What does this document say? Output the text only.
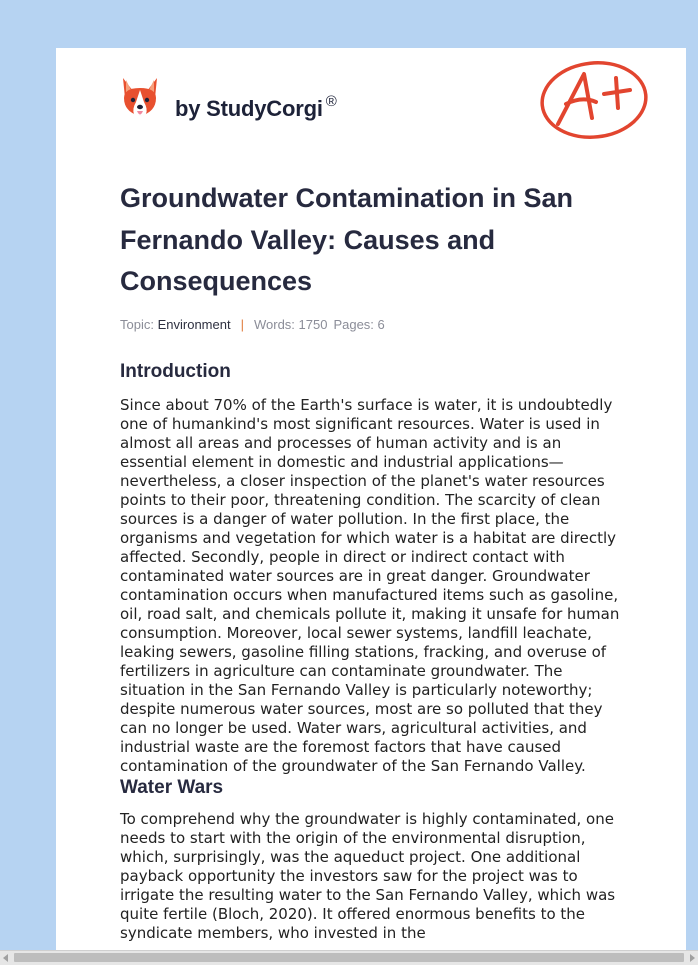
by StudyCorgi ®
Groundwater Contamination in San Fernando Valley: Causes and Consequences
Topic: Environment | Words: 1750 Pages: 6
Introduction

Since about 70% of the Earth's surface is water, it is undoubtedly one of humankind's most significant resources. Water is used in almost all areas and processes of human activity and is an essential element in domestic and industrial applications—nevertheless, a closer inspection of the planet's water resources points to their poor, threatening condition. The scarcity of clean sources is a danger of water pollution. In the first place, the organisms and vegetation for which water is a habitat are directly affected. Secondly, people in direct or indirect contact with contaminated water sources are in great danger. Groundwater contamination occurs when manufactured items such as gasoline, oil, road salt, and chemicals pollute it, making it unsafe for human consumption. Moreover, local sewer systems, landfill leachate, leaking sewers, gasoline filling stations, fracking, and overuse of fertilizers in agriculture can contaminate groundwater. The situation in the San Fernando Valley is particularly noteworthy; despite numerous water sources, most are so polluted that they can no longer be used. Water wars, agricultural activities, and industrial waste are the foremost factors that have caused contamination of the groundwater of the San Fernando Valley.

Water Wars

To comprehend why the groundwater is highly contaminated, one needs to start with the origin of the environmental disruption, which, surprisingly, was the aqueduct project. One additional payback opportunity the investors saw for the project was to irrigate the resulting water to the San Fernando Valley, which was quite fertile (Bloch, 2020). It offered enormous benefits to the syndicate members, who invested in the
